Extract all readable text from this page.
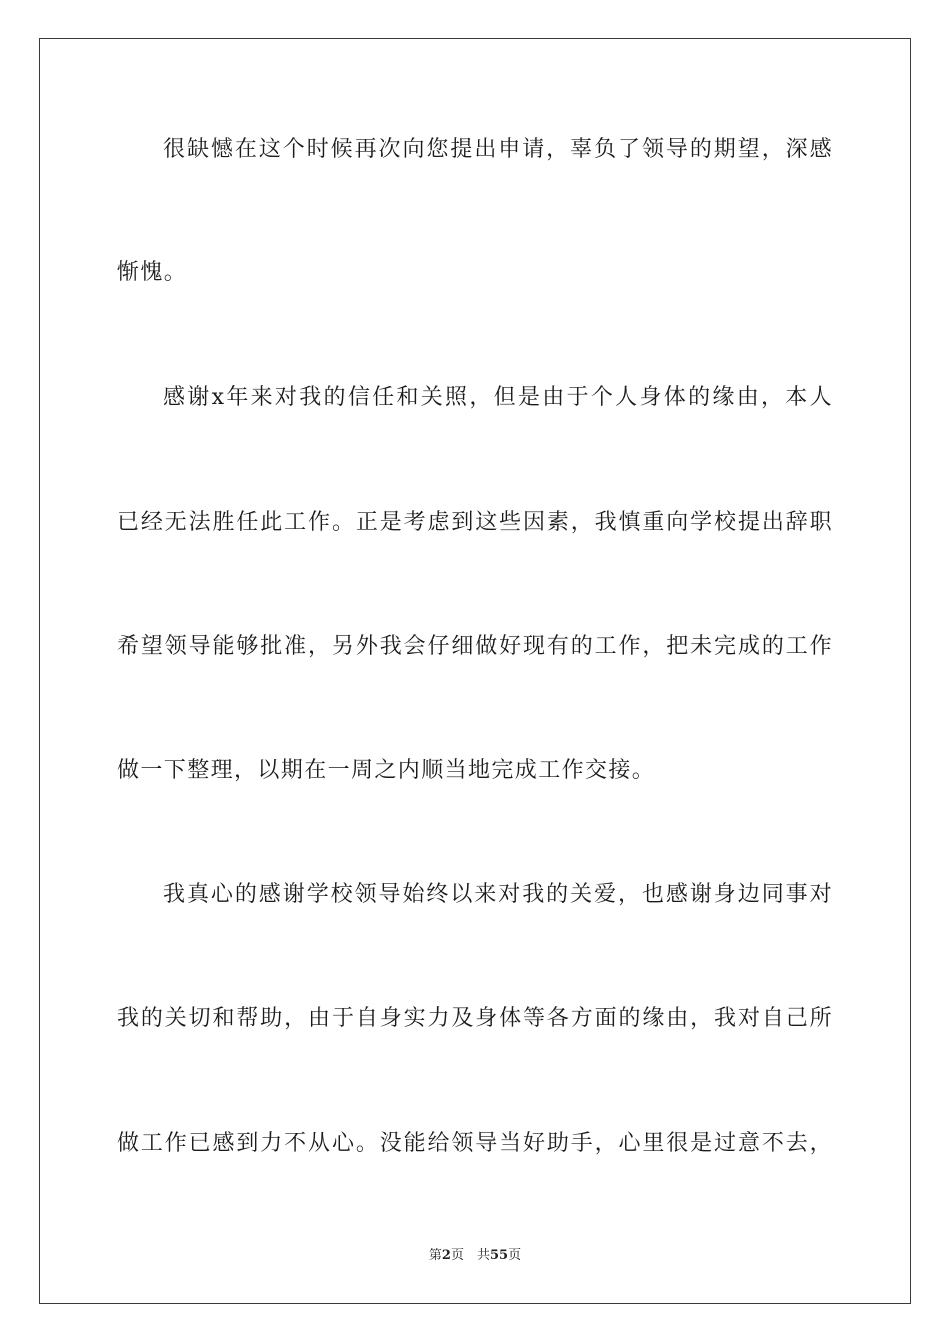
很缺憾在这个时候再次向您提出申请，辜负了领导的期望，深感
惭愧。
感谢x年来对我的信任和关照，但是由于个人身体的缘由，本人
已经无法胜任此工作。正是考虑到这些因素，我慎重向学校提出辞职
希望领导能够批准，另外我会仔细做好现有的工作，把未完成的工作
做一下整理，以期在一周之内顺当地完成工作交接。
我真心的感谢学校领导始终以来对我的关爱，也感谢身边同事对
我的关切和帮助，由于自身实力及身体等各方面的缘由，我对自己所
做工作已感到力不从心。没能给领导当好助手，心里很是过意不去，
第2页　 共55页
